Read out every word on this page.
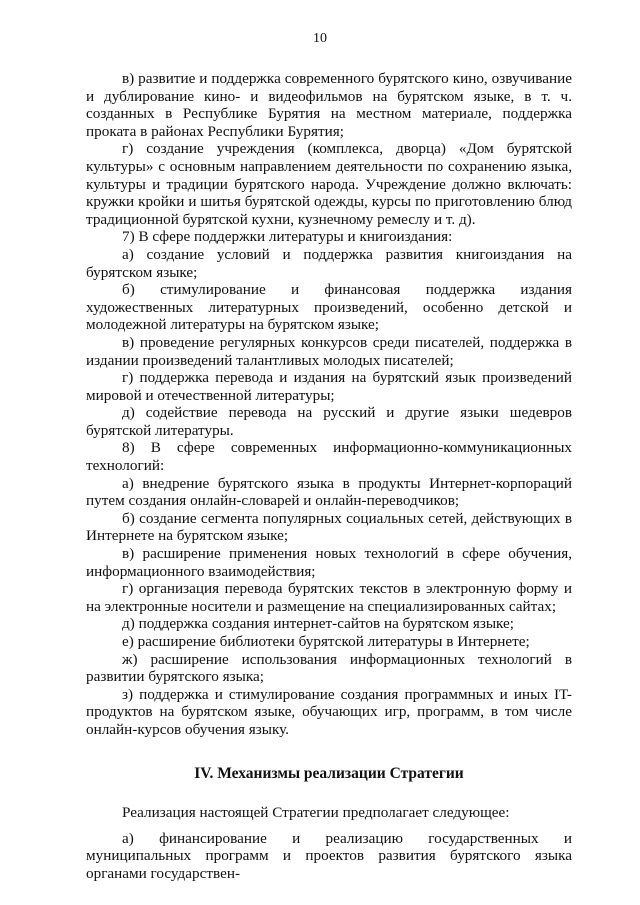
10

в) развитие и поддержка современного бурятского кино, озвучивание и дублирование кино- и видеофильмов на бурятском языке, в т. ч. созданных в Республике Бурятия на местном материале, поддержка проката в районах Республики Бурятия;

г) создание учреждения (комплекса, дворца) «Дом бурятской культуры» с основным направлением деятельности по сохранению языка, культуры и традиции бурятского народа. Учреждение должно включать: кружки кройки и шитья бурятской одежды, курсы по приготовлению блюд традиционной бурятской кухни, кузнечному ремеслу и т. д).

7) В сфере поддержки литературы и книгоиздания:

а) создание условий и поддержка развития книгоиздания на бурятском языке;

б) стимулирование и финансовая поддержка издания художественных литературных произведений, особенно детской и молодежной литературы на бурятском языке;

в) проведение регулярных конкурсов среди писателей, поддержка в издании произведений талантливых молодых писателей;

г) поддержка перевода и издания на бурятский язык произведений мировой и отечественной литературы;

д) содействие перевода на русский и другие языки шедевров бурятской литературы.

8) В сфере современных информационно-коммуникационных технологий:

а) внедрение бурятского языка в продукты Интернет-корпораций путем создания онлайн-словарей и онлайн-переводчиков;

б) создание сегмента популярных социальных сетей, действующих в Интернете на бурятском языке;

в) расширение применения новых технологий в сфере обучения, информационного взаимодействия;

г) организация перевода бурятских текстов в электронную форму и на электронные носители и размещение на специализированных сайтах;

д) поддержка создания интернет-сайтов на бурятском языке;

е) расширение библиотеки бурятской литературы в Интернете;

ж) расширение использования информационных технологий в развитии бурятского языка;

з) поддержка и стимулирование создания программных и иных IT-продуктов на бурятском языке, обучающих игр, программ, в том числе онлайн-курсов обучения языку.

IV. Механизмы реализации Стратегии

Реализация настоящей Стратегии предполагает следующее:

а) финансирование и реализацию государственных и муниципальных программ и проектов развития бурятского языка органами государствен-
